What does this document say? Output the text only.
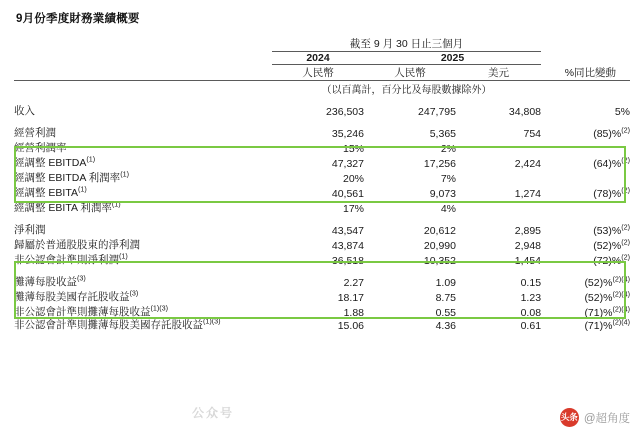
9月份季度財務業績概要
	截至 9 月 30 日止三個月			
	2024	2025		
	人民幣	人民幣	美元	%同比變動
	（以百萬計，百分比及每股數據除外）			

收入	236,503	247,795	34,808	5%

經營利潤	35,246	5,365	754	(85)%$^{(2)}$
經營利潤率	15%	2%		
經調整 EBITDA$^{(1)}$	47,327	17,256	2,424	(64)%$^{(2)}$
經調整 EBITDA 利潤率$^{(1)}$	20%	7%		
經調整 EBITA$^{(1)}$	40,561	9,073	1,274	(78)%$^{(2)}$
經調整 EBITA 利潤率$^{(1)}$	17%	4%		

淨利潤	43,547	20,612	2,895	(53)%$^{(2)}$
歸屬於普通股股東的淨利潤	43,874	20,990	2,948	(52)%$^{(2)}$
非公認會計準則淨利潤$^{(1)}$	36,518	10,352	1,454	(72)%$^{(2)}$

攤薄每股收益$^{(3)}$	2.27	1.09	0.15	(52)%$^{(2)(4)}$
攤薄每股美國存託股收益$^{(3)}$	18.17	8.75	1.23	(52)%$^{(2)(4)}$
非公認會計準則攤薄每股收益$^{(1)(3)}$	1.88	0.55	0.08	(71)%$^{(2)(4)}$
非公認會計準則攤薄每股美國存託股收益$^{(1)(3)}$	15.06	4.36	0.61	(71)%$^{(2)(4)}$
公众号	头条 @超角度
